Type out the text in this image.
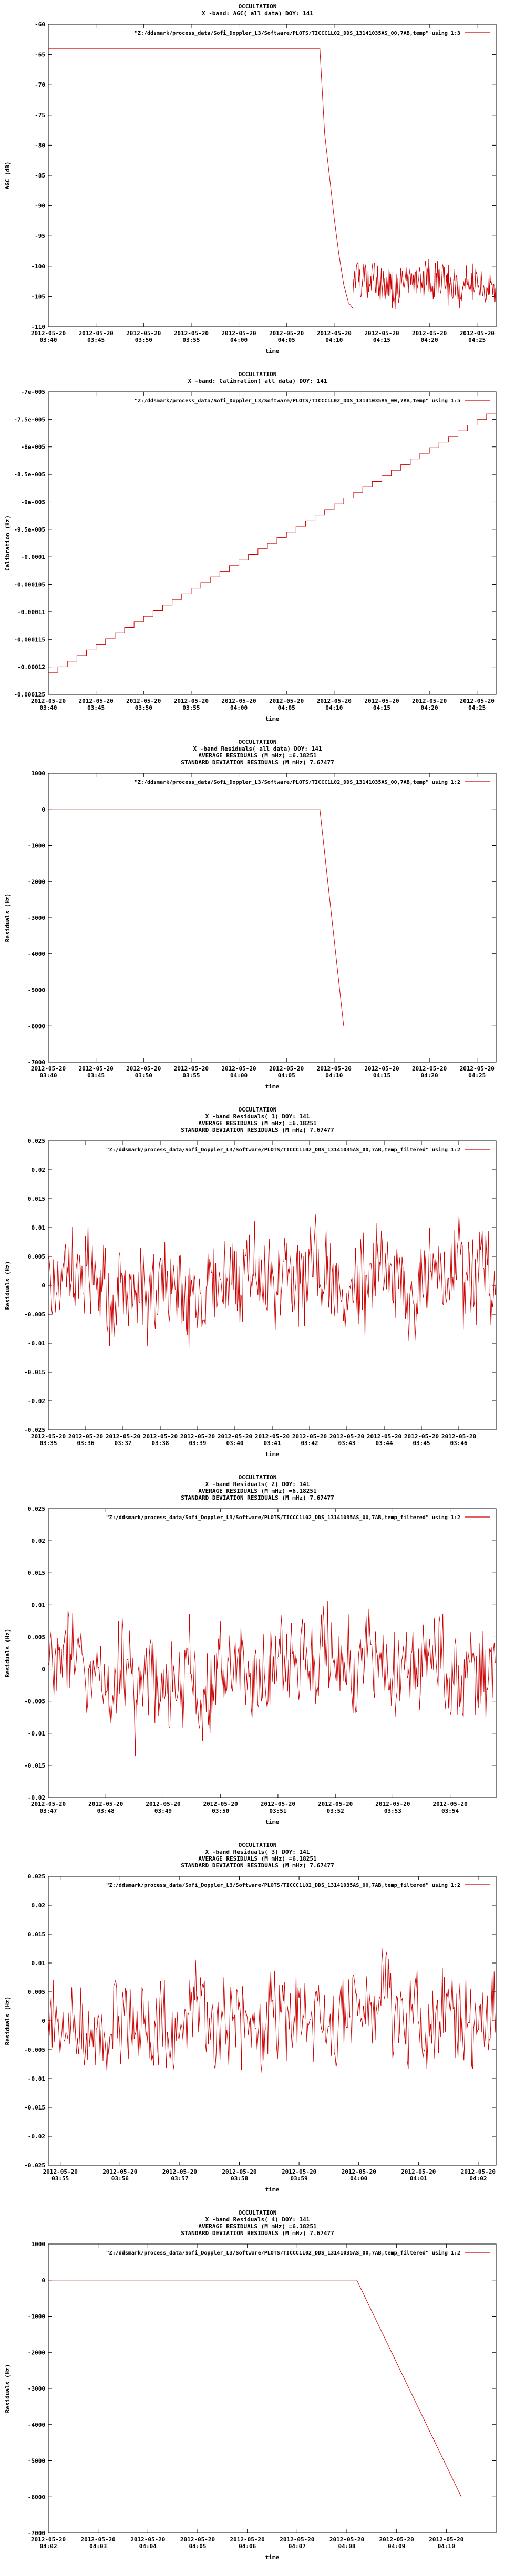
OCCULTATION
X -band: AGC( all data) DOY: 141
-60
-65
-70
-75
-80
-85
-90
-95
-100
-105
-110
2012-05-20
03:40
2012-05-20
03:45
2012-05-20
03:50
2012-05-20
03:55
2012-05-20
04:00
2012-05-20
04:05
2012-05-20
04:10
2012-05-20
04:15
2012-05-20
04:20
2012-05-20
04:25
time
AGC (dB)
"Z:/ddsmark/process_data/Sofi_Doppler_L3/Software/PLOTS/TICCC1L02_DDS_13141035AS_00,7AB,temp" using 1:3
OCCULTATION
X -band: Calibration( all data) DOY: 141
-7e-005
-7.5e-005
-8e-005
-8.5e-005
-9e-005
-9.5e-005
-0.0001
-0.000105
-0.00011
-0.000115
-0.00012
-0.000125
2012-05-20
03:40
2012-05-20
03:45
2012-05-20
03:50
2012-05-20
03:55
2012-05-20
04:00
2012-05-20
04:05
2012-05-20
04:10
2012-05-20
04:15
2012-05-20
04:20
2012-05-20
04:25
time
Calibration (Hz)
"Z:/ddsmark/process_data/Sofi_Doppler_L3/Software/PLOTS/TICCC1L02_DDS_13141035AS_00,7AB,temp" using 1:5
OCCULTATION
X -band Residuals( all data) DOY: 141
AVERAGE RESIDUALS (M mHz) =6.18251
STANDARD DEVIATION RESIDUALS (M mHz) 7.67477
1000
0
-1000
-2000
-3000
-4000
-5000
-6000
-7000
2012-05-20
03:40
2012-05-20
03:45
2012-05-20
03:50
2012-05-20
03:55
2012-05-20
04:00
2012-05-20
04:05
2012-05-20
04:10
2012-05-20
04:15
2012-05-20
04:20
2012-05-20
04:25
time
Residuals (Hz)
"Z:/ddsmark/process_data/Sofi_Doppler_L3/Software/PLOTS/TICCC1L02_DDS_13141035AS_00,7AB,temp" using 1:2
OCCULTATION
X -band Residuals( 1) DOY: 141
AVERAGE RESIDUALS (M mHz) =6.18251
STANDARD DEVIATION RESIDUALS (M mHz) 7.67477
0.025
0.02
0.015
0.01
0.005
0
-0.005
-0.01
-0.015
-0.02
-0.025
2012-05-20
03:35
2012-05-20
03:36
2012-05-20
03:37
2012-05-20
03:38
2012-05-20
03:39
2012-05-20
03:40
2012-05-20
03:41
2012-05-20
03:42
2012-05-20
03:43
2012-05-20
03:44
2012-05-20
03:45
2012-05-20
03:46
time
Residuals (Hz)
"Z:/ddsmark/process_data/Sofi_Doppler_L3/Software/PLOTS/TICCC1L02_DDS_13141035AS_00,7AB,temp_filtered" using 1:2
OCCULTATION
X -band Residuals( 2) DOY: 141
AVERAGE RESIDUALS (M mHz) =6.18251
STANDARD DEVIATION RESIDUALS (M mHz) 7.67477
0.025
0.02
0.015
0.01
0.005
0
-0.005
-0.01
-0.015
-0.02
2012-05-20
03:47
2012-05-20
03:48
2012-05-20
03:49
2012-05-20
03:50
2012-05-20
03:51
2012-05-20
03:52
2012-05-20
03:53
2012-05-20
03:54
time
Residuals (Hz)
"Z:/ddsmark/process_data/Sofi_Doppler_L3/Software/PLOTS/TICCC1L02_DDS_13141035AS_00,7AB,temp_filtered" using 1:2
OCCULTATION
X -band Residuals( 3) DOY: 141
AVERAGE RESIDUALS (M mHz) =6.18251
STANDARD DEVIATION RESIDUALS (M mHz) 7.67477
0.025
0.02
0.015
0.01
0.005
0
-0.005
-0.01
-0.015
-0.02
-0.025
2012-05-20
03:55
2012-05-20
03:56
2012-05-20
03:57
2012-05-20
03:58
2012-05-20
03:59
2012-05-20
04:00
2012-05-20
04:01
2012-05-20
04:02
time
Residuals (Hz)
"Z:/ddsmark/process_data/Sofi_Doppler_L3/Software/PLOTS/TICCC1L02_DDS_13141035AS_00,7AB,temp_filtered" using 1:2
OCCULTATION
X -band Residuals( 4) DOY: 141
AVERAGE RESIDUALS (M mHz) =6.18251
STANDARD DEVIATION RESIDUALS (M mHz) 7.67477
1000
0
-1000
-2000
-3000
-4000
-5000
-6000
-7000
2012-05-20
04:02
2012-05-20
04:03
2012-05-20
04:04
2012-05-20
04:05
2012-05-20
04:06
2012-05-20
04:07
2012-05-20
04:08
2012-05-20
04:09
2012-05-20
04:10
time
Residuals (Hz)
"Z:/ddsmark/process_data/Sofi_Doppler_L3/Software/PLOTS/TICCC1L02_DDS_13141035AS_00,7AB,temp_filtered" using 1:2
